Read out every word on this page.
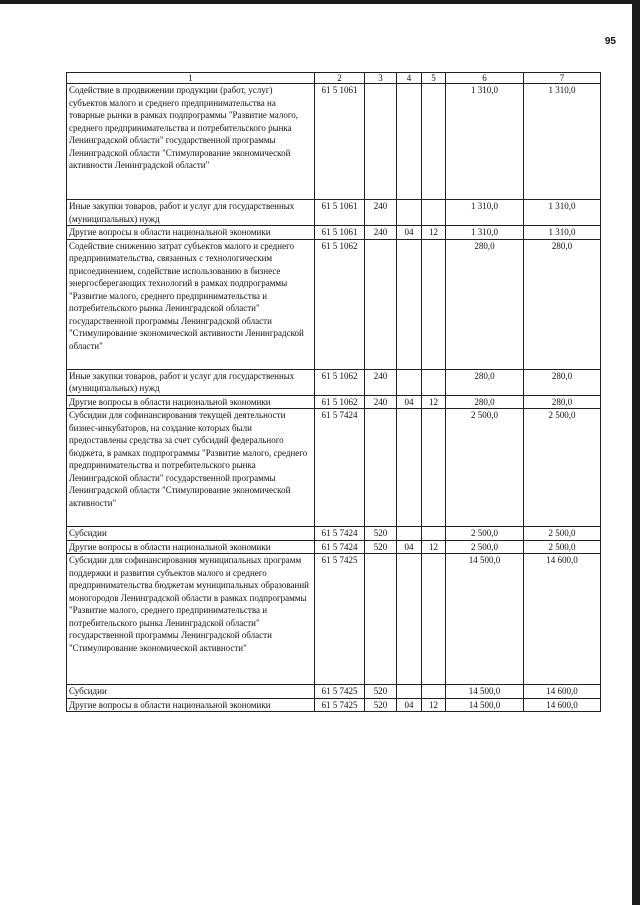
95
1	2	3	4	5	6	7
Содействие в продвижении продукции (работ, услуг) субъектов малого и среднего предпринимательства на товарные рынки в рамках подпрограммы "Развитие малого, среднего предпринимательства и потребительского рынка Ленинградской области" государственной программы Ленинградской области "Стимулирование экономической активности Ленинградской области"	61 5 1061				1 310,0	1 310,0
Иные закупки товаров, работ и услуг для государственных (муниципальных) нужд	61 5 1061	240			1 310,0	1 310,0
Другие вопросы в области национальной экономики	61 5 1061	240	04	12	1 310,0	1 310,0
Содействие снижению затрат субъектов малого и среднего предпринимательства, связанных с технологическим присоединением, содействие использованию в бизнесе энергосберегающих технологий в рамках подпрограммы "Развитие малого, среднего предпринимательства и потребительского рынка Ленинградской области" государственной программы Ленинградской области "Стимулирование экономической активности Ленинградской области"	61 5 1062				280,0	280,0
Иные закупки товаров, работ и услуг для государственных (муниципальных) нужд	61 5 1062	240			280,0	280,0
Другие вопросы в области национальной экономики	61 5 1062	240	04	12	280,0	280,0
Субсидии для софинансирования текущей деятельности бизнес-инкубаторов, на создание которых были предоставлены средства за счет субсидий федерального бюджета, в рамках подпрограммы "Развитие малого, среднего предпринимательства и потребительского рынка Ленинградской области" государственной программы Ленинградской области "Стимулирование экономической активности"	61 5 7424				2 500,0	2 500,0
Субсидии	61 5 7424	520			2 500,0	2 500,0
Другие вопросы в области национальной экономики	61 5 7424	520	04	12	2 500,0	2 500,0
Субсидии для софинансирования муниципальных программ поддержки и развития субъектов малого и среднего предпринимательства бюджетам муниципальных образований моногородов Ленинградской области в рамках подпрограммы "Развитие малого, среднего предпринимательства и потребительского рынка Ленинградской области" государственной программы Ленинградской области "Стимулирование экономической активности"	61 5 7425				14 500,0	14 600,0
Субсидии	61 5 7425	520			14 500,0	14 600,0
Другие вопросы в области национальной экономики	61 5 7425	520	04	12	14 500,0	14 600,0
